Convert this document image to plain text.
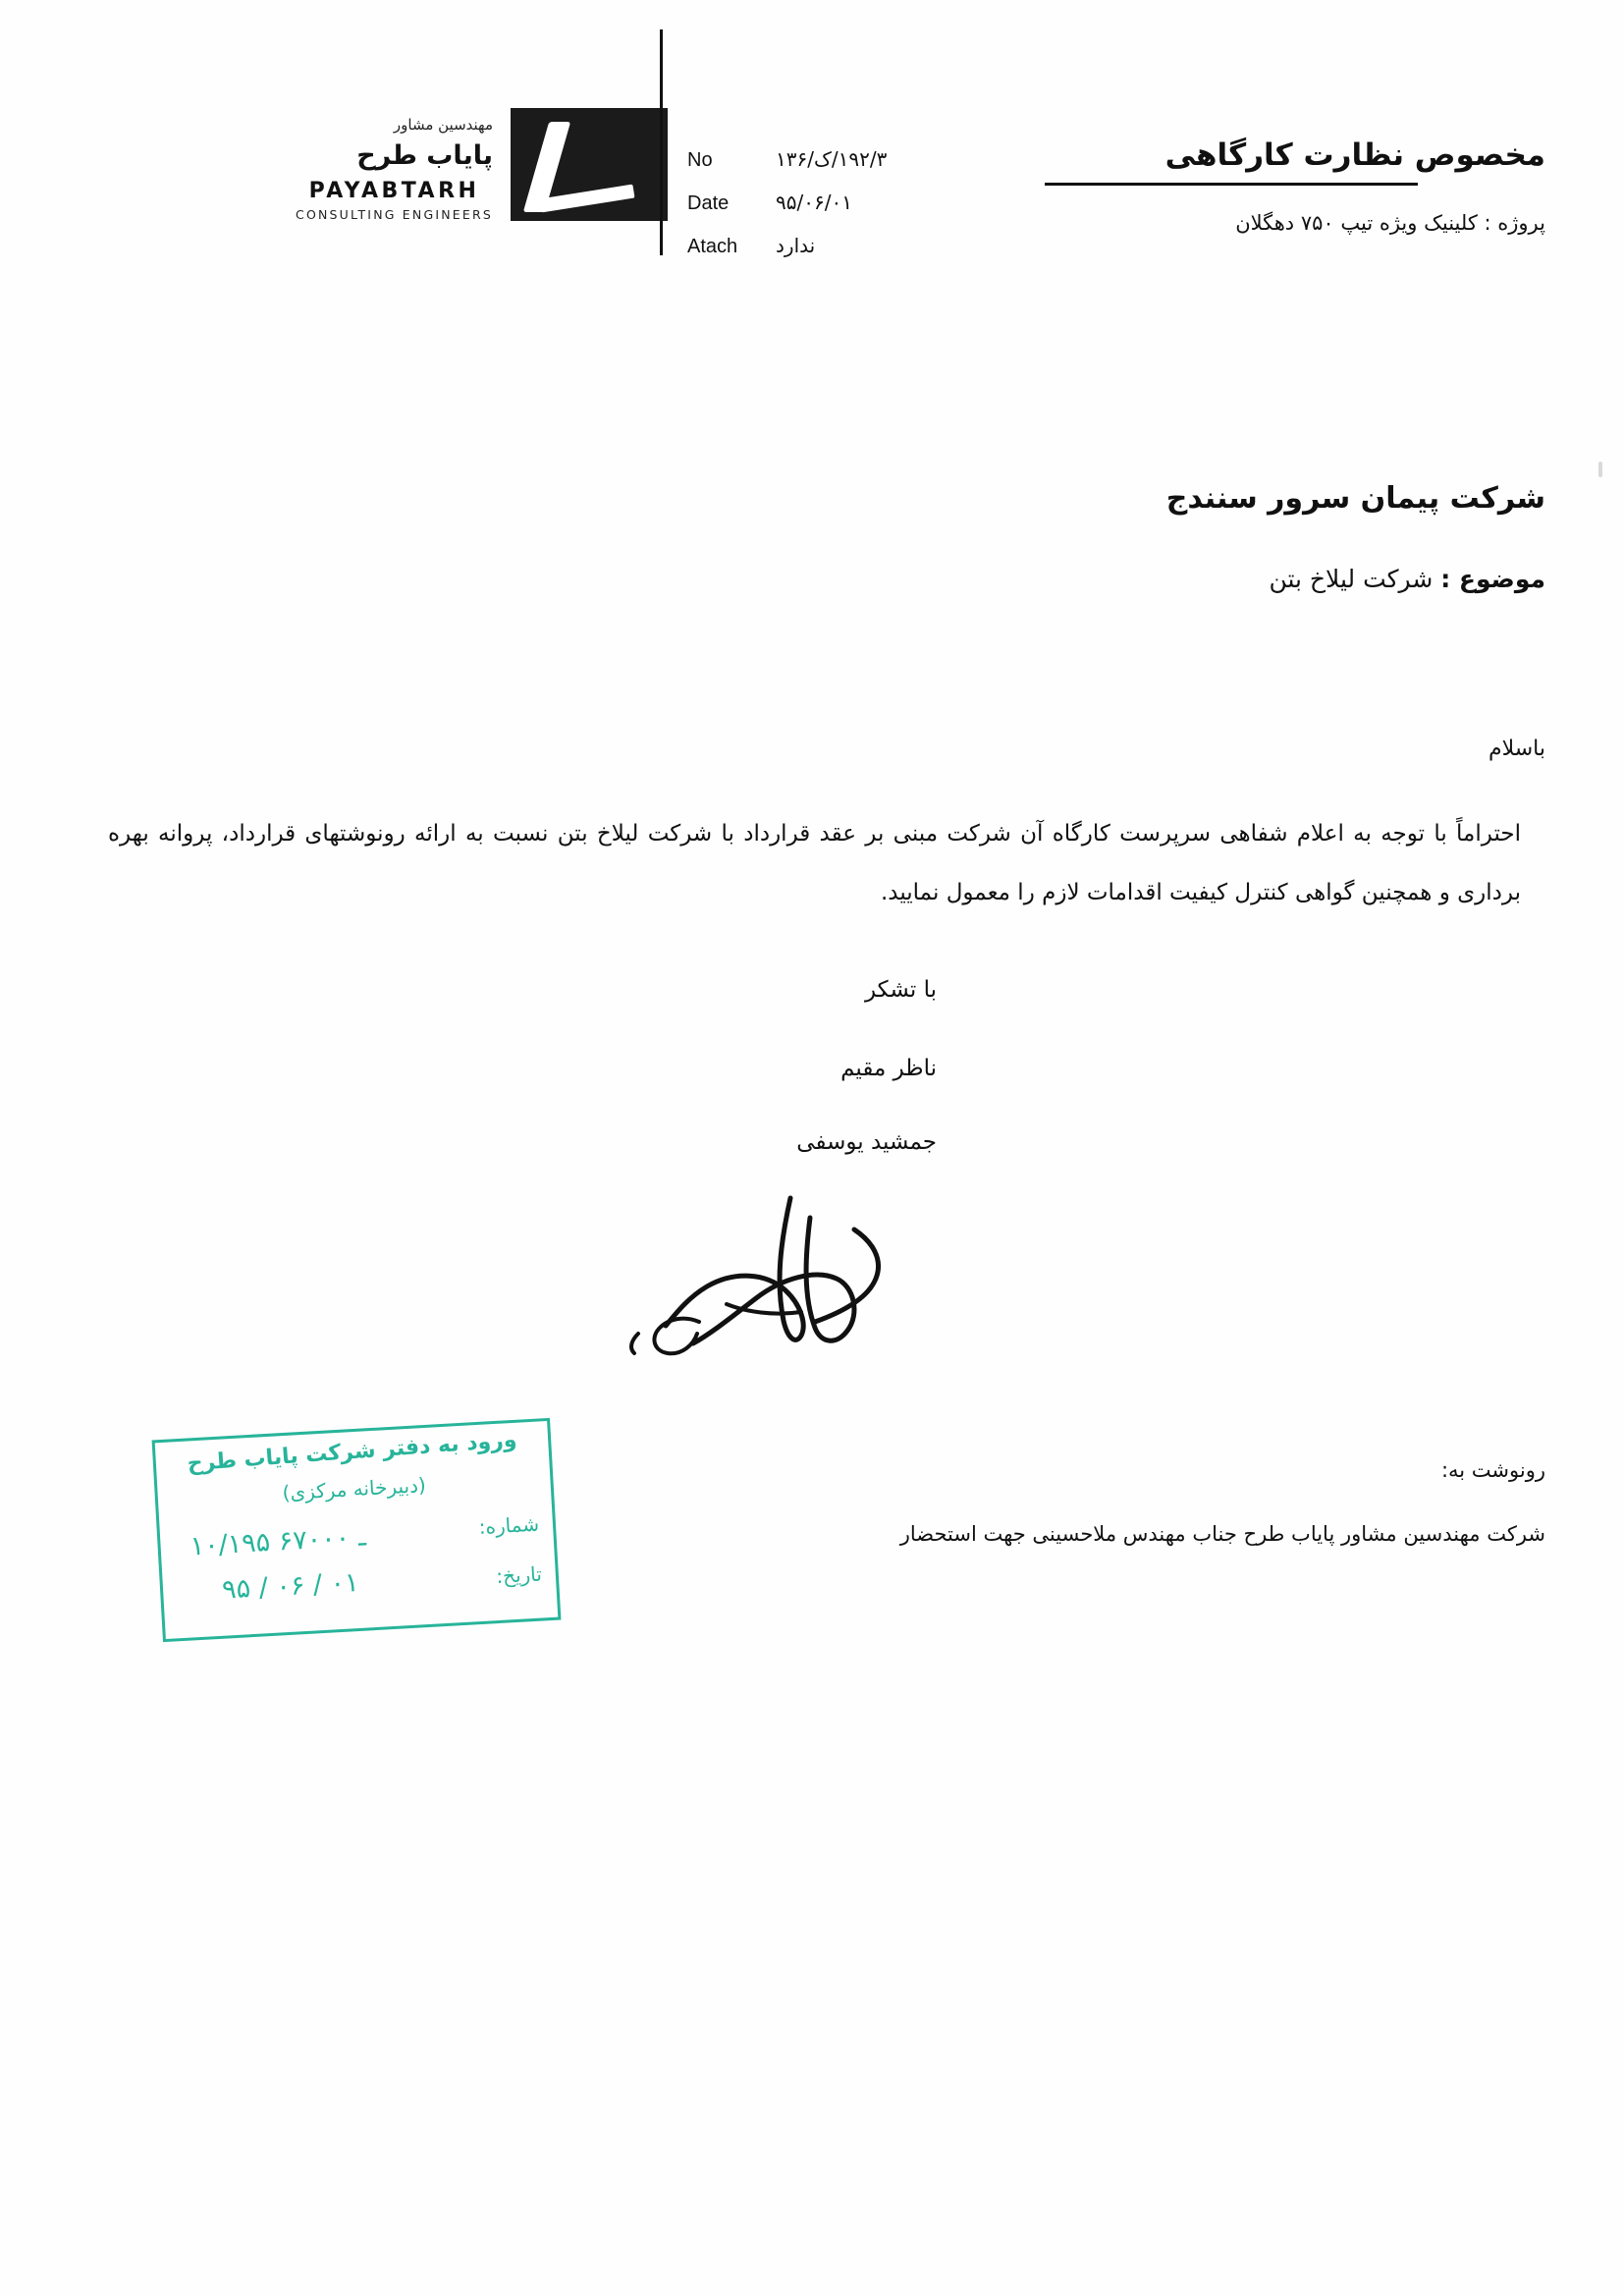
مهندسین مشاور
پایاب طرح
PAYABTARH
CONSULTING ENGINEERS
No	۱۹۲/۳/ک/۱۳۶
Date	۹۵/۰۶/۰۱
Atach	ندارد
مخصوص نظارت کارگاهی
پروژه : کلینیک ویژه تیپ ۷۵۰ دهگلان
شرکت پیمان سرور سنندج
موضوع : شرکت لیلاخ بتن
باسلام
احتراماً با توجه به اعلام شفاهی سرپرست کارگاه آن شرکت مبنی بر عقد قرارداد با شرکت لیلاخ بتن نسبت به ارائه رونوشتهای قرارداد، پروانه بهره برداری و همچنین گواهی کنترل کیفیت اقدامات لازم را معمول نمایید.
با تشکر
ناظر مقیم
جمشید یوسفی
رونوشت به:
شرکت مهندسین مشاور پایاب طرح جناب مهندس ملاحسینی جهت استحضار
ورود به دفتر شرکت پایاب طرح
(دبیرخانه مرکزی)
شماره:
۱۰/۱۹۵ ـ ۶۷۰۰۰
تاریخ:
۹۵ / ۰۶ / ۰۱
